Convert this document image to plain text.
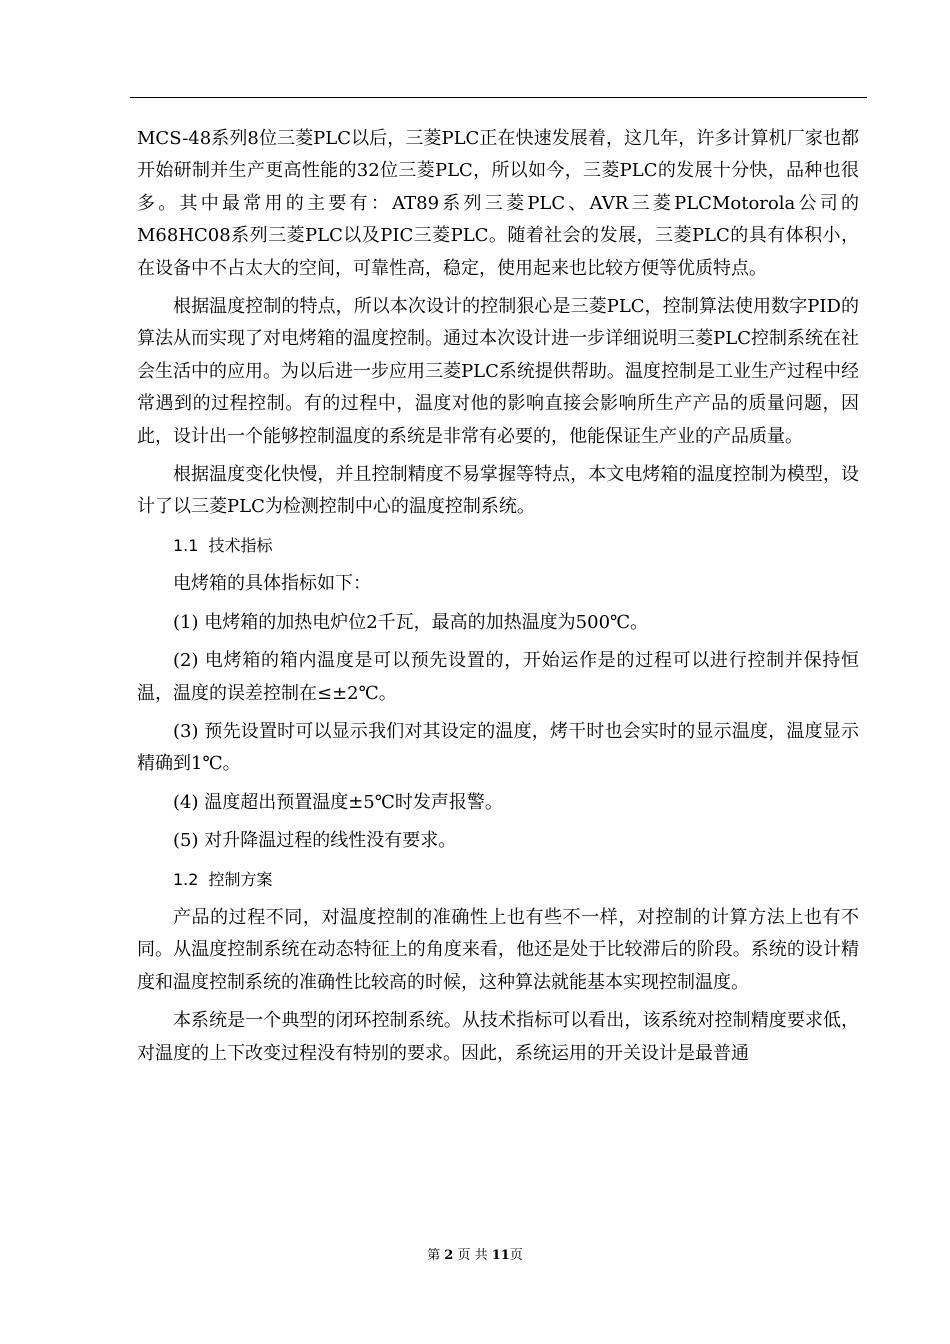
MCS-48系列8位三菱PLC以后，三菱PLC正在快速发展着，这几年，许多计算机厂家也都开始研制并生产更高性能的32位三菱PLC，所以如今，三菱PLC的发展十分快，品种也很多。其中最常用的主要有：AT89系列三菱PLC、AVR三菱PLCMotorola公司的M68HC08系列三菱PLC以及PIC三菱PLC。随着社会的发展，三菱PLC的具有体积小，在设备中不占太大的空间，可靠性高，稳定，使用起来也比较方便等优质特点。

根据温度控制的特点，所以本次设计的控制狠心是三菱PLC，控制算法使用数字PID的算法从而实现了对电烤箱的温度控制。通过本次设计进一步详细说明三菱PLC控制系统在社会生活中的应用。为以后进一步应用三菱PLC系统提供帮助。温度控制是工业生产过程中经常遇到的过程控制。有的过程中，温度对他的影响直接会影响所生产产品的质量问题，因此，设计出一个能够控制温度的系统是非常有必要的，他能保证生产业的产品质量。

根据温度变化快慢，并且控制精度不易掌握等特点，本文电烤箱的温度控制为模型，设计了以三菱PLC为检测控制中心的温度控制系统。

1.1 技术指标

电烤箱的具体指标如下：

(1) 电烤箱的加热电炉位2千瓦，最高的加热温度为500℃。

(2) 电烤箱的箱内温度是可以预先设置的，开始运作是的过程可以进行控制并保持恒温，温度的误差控制在≤±2℃。

(3) 预先设置时可以显示我们对其设定的温度，烤干时也会实时的显示温度，温度显示精确到1℃。

(4) 温度超出预置温度±5℃时发声报警。

(5) 对升降温过程的线性没有要求。

1.2 控制方案

产品的过程不同，对温度控制的准确性上也有些不一样，对控制的计算方法上也有不同。从温度控制系统在动态特征上的角度来看，他还是处于比较滞后的阶段。系统的设计精度和温度控制系统的准确性比较高的时候，这种算法就能基本实现控制温度。

本系统是一个典型的闭环控制系统。从技术指标可以看出，该系统对控制精度要求低，对温度的上下改变过程没有特别的要求。因此，系统运用的开关设计是最普通

第 2 页 共 11页
